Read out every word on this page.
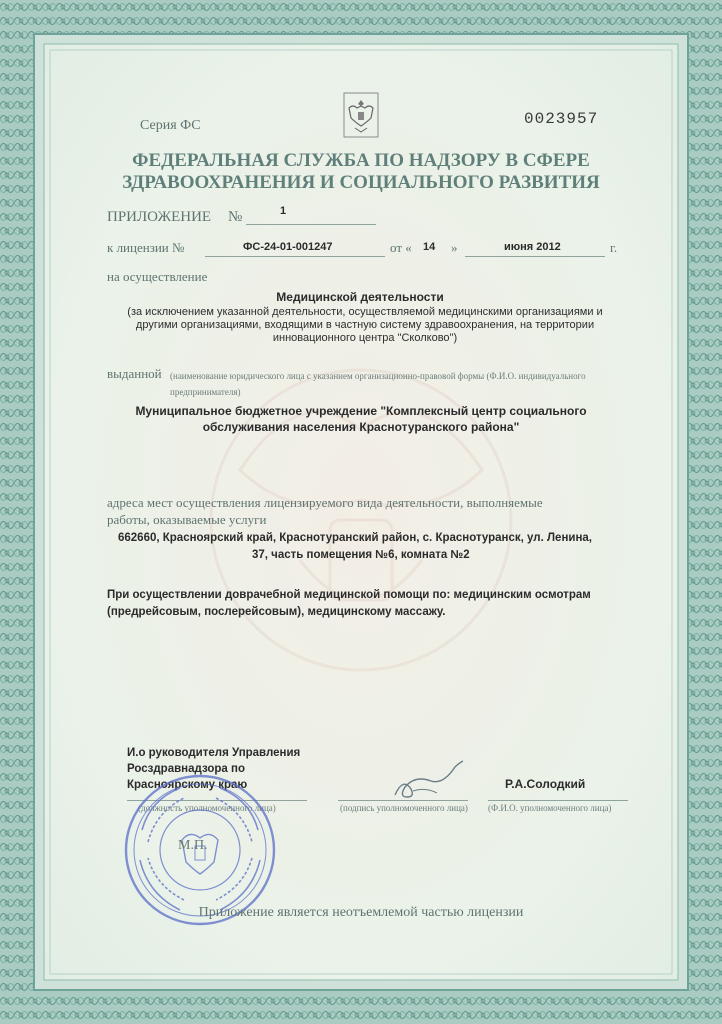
Серия ФС	0023957
ФЕДЕРАЛЬНАЯ СЛУЖБА ПО НАДЗОРУ В СФЕРЕ
ЗДРАВООХРАНЕНИЯ И СОЦИАЛЬНОГО РАЗВИТИЯ
ПРИЛОЖЕНИЕ №	1
к лицензии №	ФС-24-01-001247	от « 14 »	июня 2012	г.
на осуществление
Медицинской деятельности
(за исключением указанной деятельности, осуществляемой медицинскими организациями и другими организациями, входящими в частную систему здравоохранения, на территории инновационного центра "Сколково")
выданной (наименование юридического лица с указанием организационно-правовой формы (Ф.И.О. индивидуального предпринимателя)
Муниципальное бюджетное учреждение "Комплексный центр социального
обслуживания населения Краснотуранского района"
адреса мест осуществления лицензируемого вида деятельности, выполняемые
работы, оказываемые услуги
662660, Красноярский край, Краснотуранский район, с. Краснотуранск, ул. Ленина,
37, часть помещения №6, комната №2
При осуществлении доврачебной медицинской помощи по: медицинским осмотрам
(предрейсовым, послерейсовым), медицинскому массажу.
И.о руководителя Управления
Росздравнадзора по
Красноярскому краю	Р.А.Солодкий
(должность уполномоченного лица)	(подпись уполномоченного лица) (Ф.И.О. уполномоченного лица)
М.П.
Приложение является неотъемлемой частью лицензии
